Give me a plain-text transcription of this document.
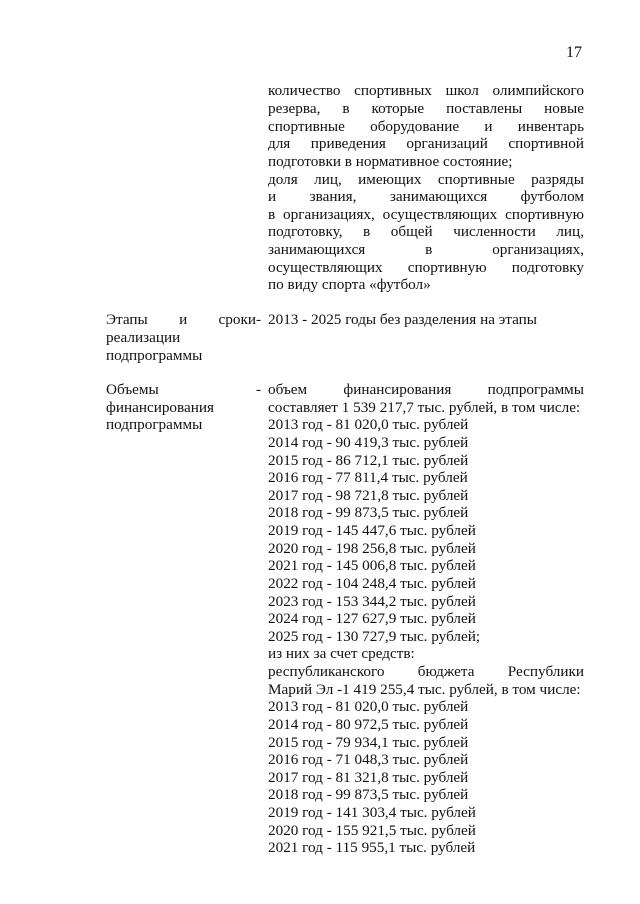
17
количество спортивных школ олимпийского
резерва, в которые поставлены новые
спортивные оборудование и инвентарь
для приведения организаций спортивной
подготовки в нормативное состояние;
доля лиц, имеющих спортивные разряды
и звания, занимающихся футболом
в организациях, осуществляющих спортивную
подготовку, в общей численности лиц,
занимающихся в организациях,
осуществляющих спортивную подготовку
по виду спорта «футбол»
Этапы и сроки
реализации
подпрограммы
- 2013 - 2025 годы без разделения на этапы
Объемы
финансирования
подпрограммы
- объем финансирования подпрограммы
составляет 1 539 217,7 тыс. рублей, в том числе:
2013 год - 81 020,0 тыс. рублей
2014 год - 90 419,3 тыс. рублей
2015 год - 86 712,1 тыс. рублей
2016 год - 77 811,4 тыс. рублей
2017 год - 98 721,8 тыс. рублей
2018 год - 99 873,5 тыс. рублей
2019 год - 145 447,6 тыс. рублей
2020 год - 198 256,8 тыс. рублей
2021 год - 145 006,8 тыс. рублей
2022 год - 104 248,4 тыс. рублей
2023 год - 153 344,2 тыс. рублей
2024 год - 127 627,9 тыс. рублей
2025 год - 130 727,9 тыс. рублей;
из них за счет средств:
республиканского бюджета Республики
Марий Эл -1 419 255,4 тыс. рублей, в том числе:
2013 год - 81 020,0 тыс. рублей
2014 год - 80 972,5 тыс. рублей
2015 год - 79 934,1 тыс. рублей
2016 год - 71 048,3 тыс. рублей
2017 год - 81 321,8 тыс. рублей
2018 год - 99 873,5 тыс. рублей
2019 год - 141 303,4 тыс. рублей
2020 год - 155 921,5 тыс. рублей
2021 год - 115 955,1 тыс. рублей
